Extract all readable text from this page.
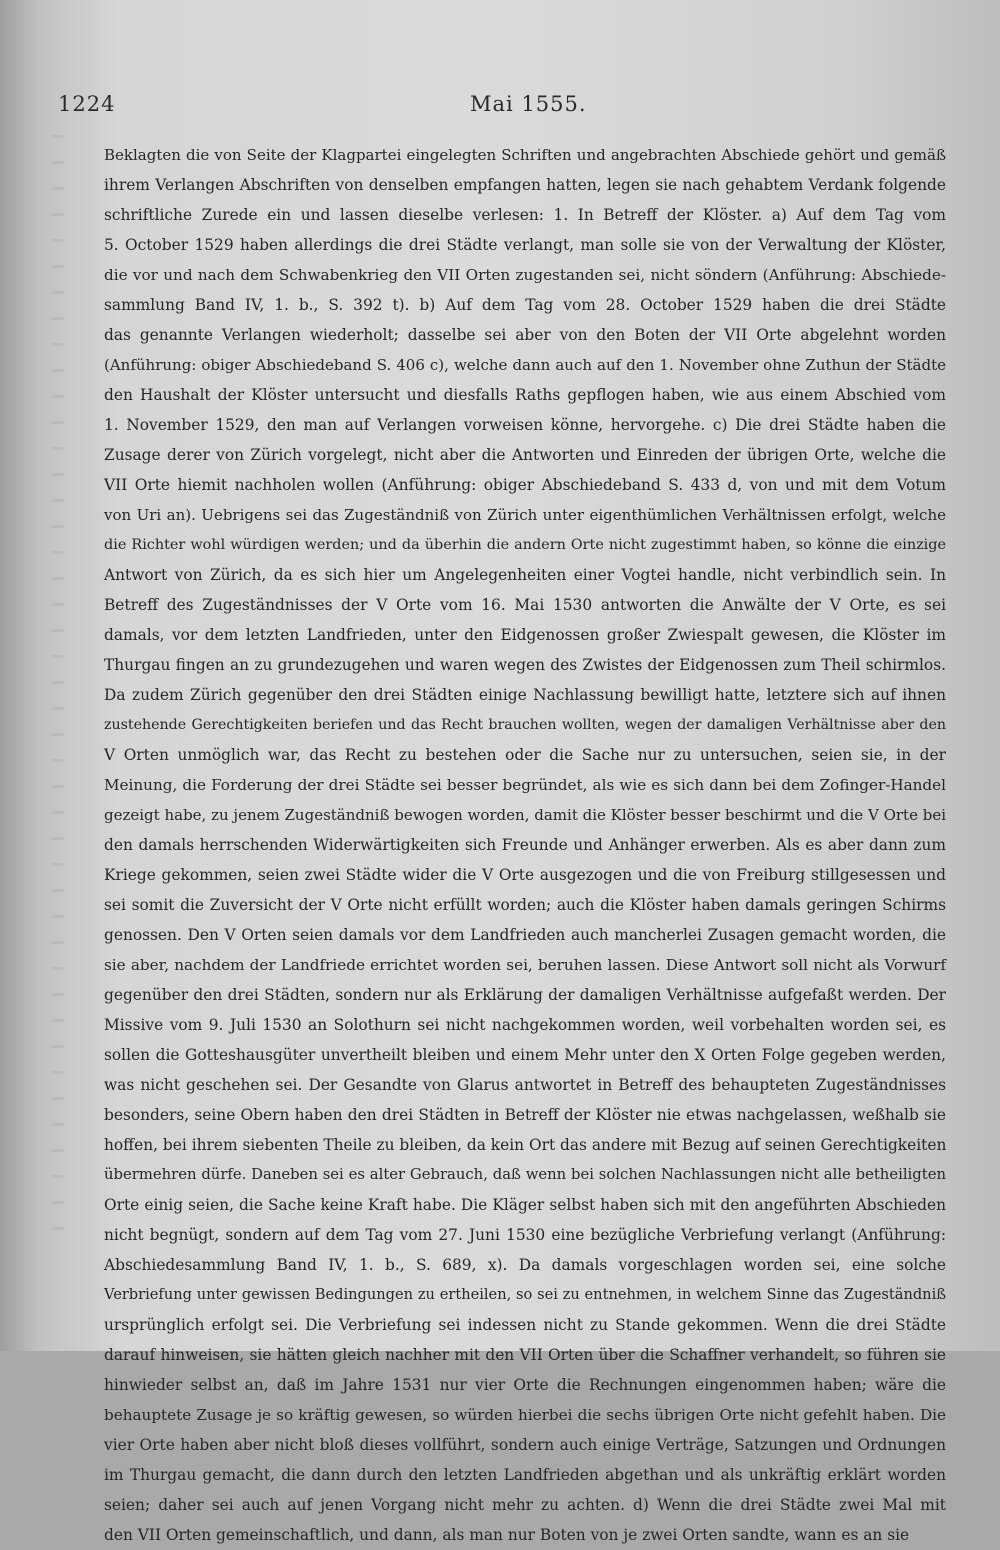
1224	Mai 1555.
Beklagten die von Seite der Klagpartei eingelegten Schriften und angebrachten Abschiede gehört und gemäß
ihrem Verlangen Abschriften von denselben empfangen hatten, legen sie nach gehabtem Verdank folgende
schriftliche Zurede ein und lassen dieselbe verlesen: 1. In Betreff der Klöster. a) Auf dem Tag vom
5. October 1529 haben allerdings die drei Städte verlangt, man solle sie von der Verwaltung der Klöster,
die vor und nach dem Schwabenkrieg den VII Orten zugestanden sei, nicht söndern (Anführung: Abschiede-
sammlung Band IV, 1. b., S. 392 t). b) Auf dem Tag vom 28. October 1529 haben die drei Städte
das genannte Verlangen wiederholt; dasselbe sei aber von den Boten der VII Orte abgelehnt worden
(Anführung: obiger Abschiedeband S. 406 c), welche dann auch auf den 1. November ohne Zuthun der Städte
den Haushalt der Klöster untersucht und diesfalls Raths gepflogen haben, wie aus einem Abschied vom
1. November 1529, den man auf Verlangen vorweisen könne, hervorgehe. c) Die drei Städte haben die
Zusage derer von Zürich vorgelegt, nicht aber die Antworten und Einreden der übrigen Orte, welche die
VII Orte hiemit nachholen wollen (Anführung: obiger Abschiedeband S. 433 d, von und mit dem Votum
von Uri an). Uebrigens sei das Zugeständniß von Zürich unter eigenthümlichen Verhältnissen erfolgt, welche
die Richter wohl würdigen werden; und da überhin die andern Orte nicht zugestimmt haben, so könne die einzige
Antwort von Zürich, da es sich hier um Angelegenheiten einer Vogtei handle, nicht verbindlich sein. In
Betreff des Zugeständnisses der V Orte vom 16. Mai 1530 antworten die Anwälte der V Orte, es sei
damals, vor dem letzten Landfrieden, unter den Eidgenossen großer Zwiespalt gewesen, die Klöster im
Thurgau fingen an zu grundezugehen und waren wegen des Zwistes der Eidgenossen zum Theil schirmlos.
Da zudem Zürich gegenüber den drei Städten einige Nachlassung bewilligt hatte, letztere sich auf ihnen
zustehende Gerechtigkeiten beriefen und das Recht brauchen wollten, wegen der damaligen Verhältnisse aber den
V Orten unmöglich war, das Recht zu bestehen oder die Sache nur zu untersuchen, seien sie, in der
Meinung, die Forderung der drei Städte sei besser begründet, als wie es sich dann bei dem Zofinger-Handel
gezeigt habe, zu jenem Zugeständniß bewogen worden, damit die Klöster besser beschirmt und die V Orte bei
den damals herrschenden Widerwärtigkeiten sich Freunde und Anhänger erwerben. Als es aber dann zum
Kriege gekommen, seien zwei Städte wider die V Orte ausgezogen und die von Freiburg stillgesessen und
sei somit die Zuversicht der V Orte nicht erfüllt worden; auch die Klöster haben damals geringen Schirms
genossen. Den V Orten seien damals vor dem Landfrieden auch mancherlei Zusagen gemacht worden, die
sie aber, nachdem der Landfriede errichtet worden sei, beruhen lassen. Diese Antwort soll nicht als Vorwurf
gegenüber den drei Städten, sondern nur als Erklärung der damaligen Verhältnisse aufgefaßt werden. Der
Missive vom 9. Juli 1530 an Solothurn sei nicht nachgekommen worden, weil vorbehalten worden sei, es
sollen die Gotteshausgüter unvertheilt bleiben und einem Mehr unter den X Orten Folge gegeben werden,
was nicht geschehen sei. Der Gesandte von Glarus antwortet in Betreff des behaupteten Zugeständnisses
besonders, seine Obern haben den drei Städten in Betreff der Klöster nie etwas nachgelassen, weßhalb sie
hoffen, bei ihrem siebenten Theile zu bleiben, da kein Ort das andere mit Bezug auf seinen Gerechtigkeiten
übermehren dürfe. Daneben sei es alter Gebrauch, daß wenn bei solchen Nachlassungen nicht alle betheiligten
Orte einig seien, die Sache keine Kraft habe. Die Kläger selbst haben sich mit den angeführten Abschieden
nicht begnügt, sondern auf dem Tag vom 27. Juni 1530 eine bezügliche Verbriefung verlangt (Anführung:
Abschiedesammlung Band IV, 1. b., S. 689, x). Da damals vorgeschlagen worden sei, eine solche
Verbriefung unter gewissen Bedingungen zu ertheilen, so sei zu entnehmen, in welchem Sinne das Zugeständniß
ursprünglich erfolgt sei. Die Verbriefung sei indessen nicht zu Stande gekommen. Wenn die drei Städte
darauf hinweisen, sie hätten gleich nachher mit den VII Orten über die Schaffner verhandelt, so führen sie
hinwieder selbst an, daß im Jahre 1531 nur vier Orte die Rechnungen eingenommen haben; wäre die
behauptete Zusage je so kräftig gewesen, so würden hierbei die sechs übrigen Orte nicht gefehlt haben. Die
vier Orte haben aber nicht bloß dieses vollführt, sondern auch einige Verträge, Satzungen und Ordnungen
im Thurgau gemacht, die dann durch den letzten Landfrieden abgethan und als unkräftig erklärt worden
seien; daher sei auch auf jenen Vorgang nicht mehr zu achten. d) Wenn die drei Städte zwei Mal mit
den VII Orten gemeinschaftlich, und dann, als man nur Boten von je zwei Orten sandte, wann es an sie
